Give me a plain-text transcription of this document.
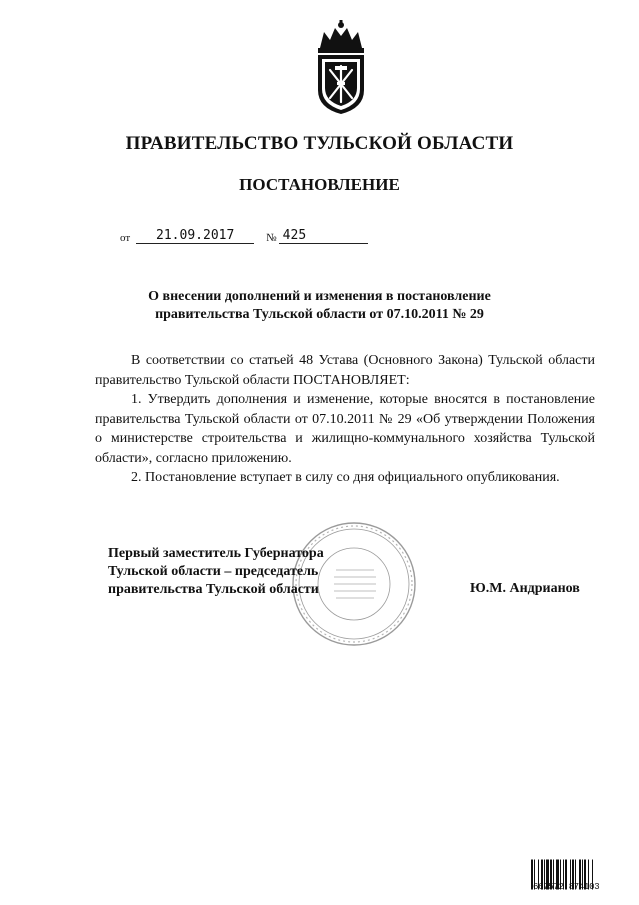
ПРАВИТЕЛЬСТВО ТУЛЬСКОЙ ОБЛАСТИ
ПОСТАНОВЛЕНИЕ
от 21.09.2017	№ 425
О внесении дополнений и изменения в постановление
правительства Тульской области от 07.10.2011 № 29

В соответствии со статьей 48 Устава (Основного Закона) Тульской области правительство Тульской области ПОСТАНОВЛЯЕТ:

1. Утвердить дополнения и изменение, которые вносятся в постановление правительства Тульской области от 07.10.2011 № 29 «Об утверждении Положения о министерстве строительства и жилищно-коммунального хозяйства Тульской области», согласно приложению.

2. Постановление вступает в силу со дня официального опубликования.

Первый заместитель Губернатора
Тульской области – председатель
правительства Тульской области	Ю.М. Андрианов
667572 874103
